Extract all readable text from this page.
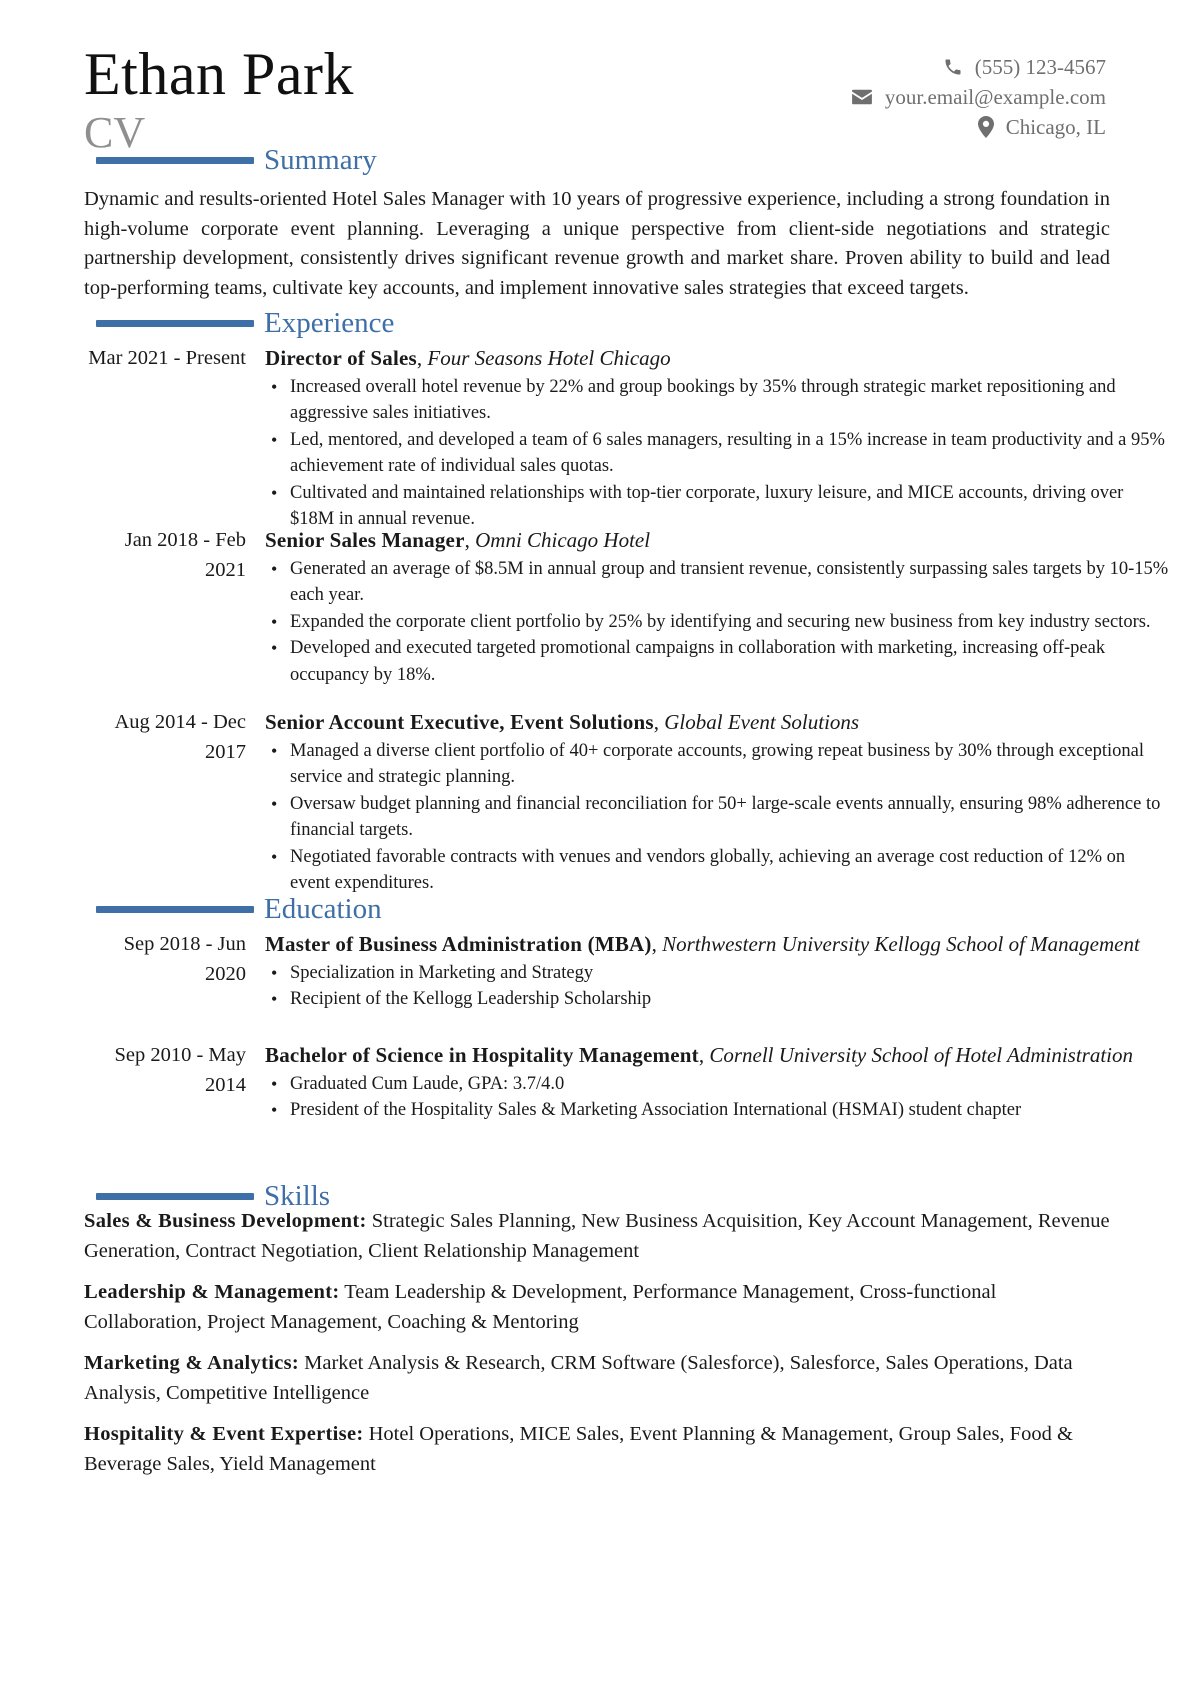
Ethan Park
CV
(555) 123-4567
your.email@example.com
Chicago, IL
Summary
Dynamic and results-oriented Hotel Sales Manager with 10 years of progressive experience, including a strong foundation in high-volume corporate event planning. Leveraging a unique perspective from client-side negotiations and strategic partnership development, consistently drives significant revenue growth and market share. Proven ability to build and lead top-performing teams, cultivate key accounts, and implement innovative sales strategies that exceed targets.
Experience
Mar 2021 - Present Director of Sales, Four Seasons Hotel Chicago
• Increased overall hotel revenue by 22% and group bookings by 35% through strategic market repositioning and aggressive sales initiatives.
• Led, mentored, and developed a team of 6 sales managers, resulting in a 15% increase in team productivity and a 95% achievement rate of individual sales quotas.
• Cultivated and maintained relationships with top-tier corporate, luxury leisure, and MICE accounts, driving over $18M in annual revenue.
Jan 2018 - Feb 2021
Senior Sales Manager, Omni Chicago Hotel
• Generated an average of $8.5M in annual group and transient revenue, consistently surpassing sales targets by 10-15% each year.
• Expanded the corporate client portfolio by 25% by identifying and securing new business from key industry sectors.
• Developed and executed targeted promotional campaigns in collaboration with marketing, increasing off-peak occupancy by 18%.
Aug 2014 - Dec 2017
Senior Account Executive, Event Solutions, Global Event Solutions
• Managed a diverse client portfolio of 40+ corporate accounts, growing repeat business by 30% through exceptional service and strategic planning.
• Oversaw budget planning and financial reconciliation for 50+ large-scale events annually, ensuring 98% adherence to financial targets.
• Negotiated favorable contracts with venues and vendors globally, achieving an average cost reduction of 12% on event expenditures.
Education
Sep 2018 - Jun 2020
Master of Business Administration (MBA), Northwestern University Kellogg School of Management
• Specialization in Marketing and Strategy
• Recipient of the Kellogg Leadership Scholarship
Sep 2010 - May 2014
Bachelor of Science in Hospitality Management, Cornell University School of Hotel Administration
• Graduated Cum Laude, GPA: 3.7/4.0
• President of the Hospitality Sales & Marketing Association International (HSMAI) student chapter
Skills
Sales & Business Development: Strategic Sales Planning, New Business Acquisition, Key Account Management, Revenue Generation, Contract Negotiation, Client Relationship Management
Leadership & Management: Team Leadership & Development, Performance Management, Cross-functional Collaboration, Project Management, Coaching & Mentoring
Marketing & Analytics: Market Analysis & Research, CRM Software (Salesforce), Salesforce, Sales Operations, Data Analysis, Competitive Intelligence
Hospitality & Event Expertise: Hotel Operations, MICE Sales, Event Planning & Management, Group Sales, Food & Beverage Sales, Yield Management
